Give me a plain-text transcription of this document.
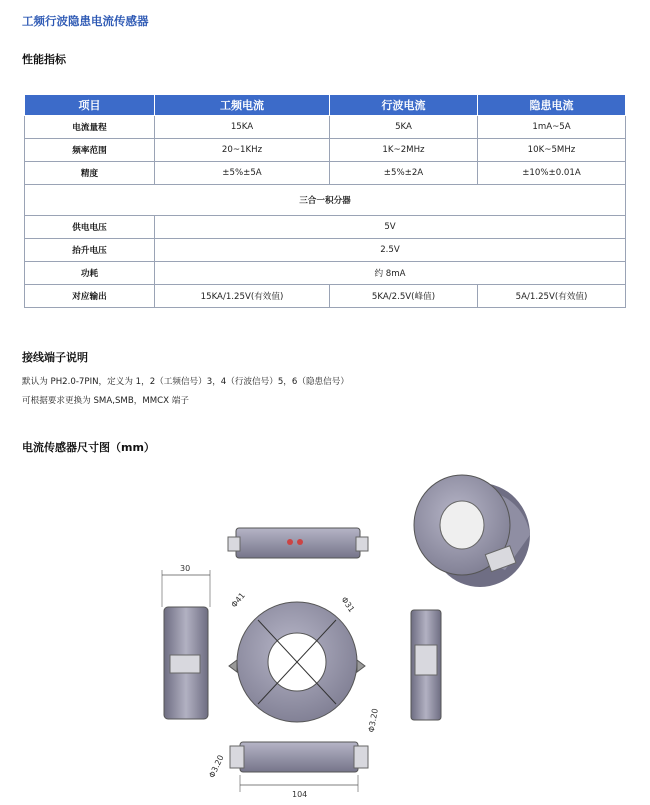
工频行波隐患电流传感器
性能指标
项目	工频电流	行波电流	隐患电流
电流量程	15KA	5KA	1mA~5A
频率范围	20~1KHz	1K~2MHz	10K~5MHz
精度	±5%±5A	±5%±2A	±10%±0.01A
三合一积分器			
供电电压	5V		
抬升电压	2.5V		
功耗	约 8mA		
对应输出	15KA/1.25V(有效值)	5KA/2.5V(峰值)	5A/1.25V(有效值)
接线端子说明
默认为 PH2.0-7PIN，定义为 1，2（工频信号）3，4（行波信号）5，6（隐患信号）
可根据要求更换为 SMA,SMB，MMCX 端子
电流传感器尺寸图（mm）
30
Φ41	Φ31
104
Φ3.20
Φ3.20
